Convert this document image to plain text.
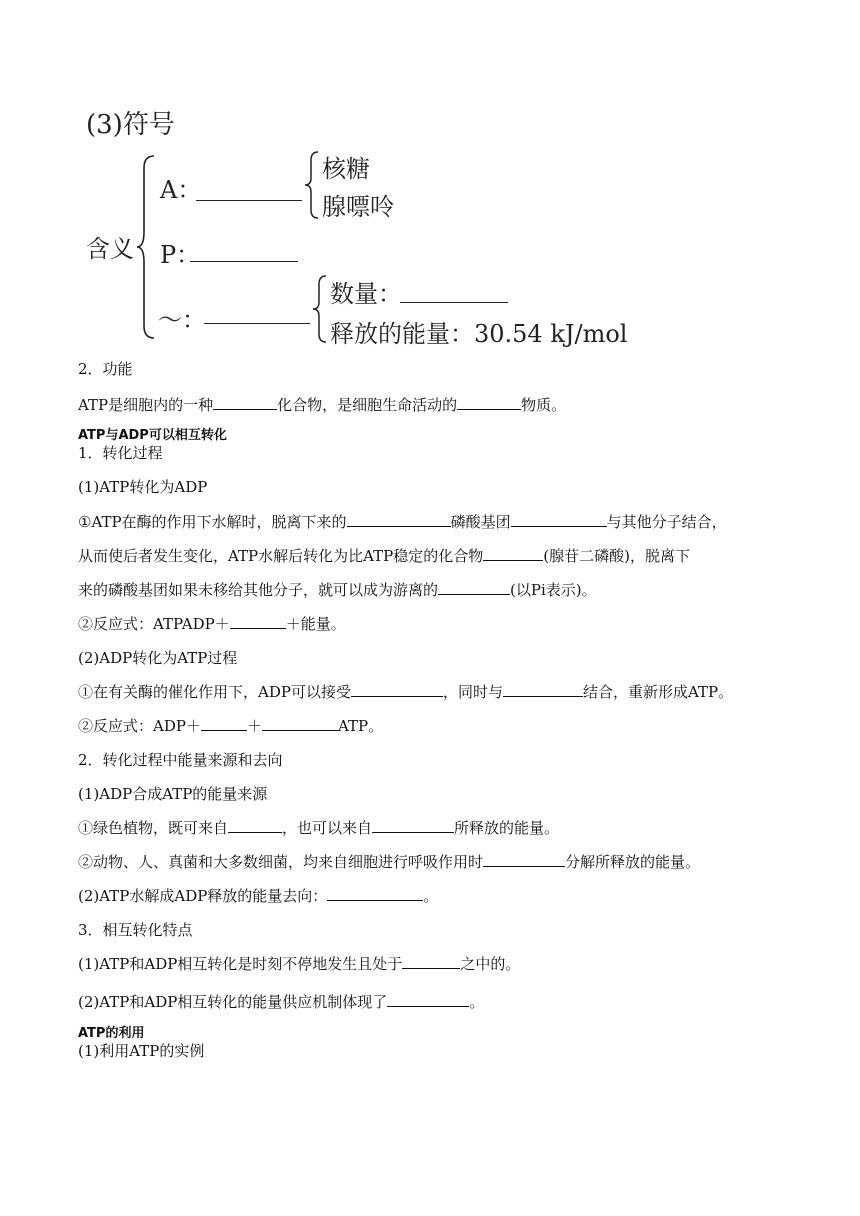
(3)符号
含义
A：
核糖
腺嘌呤
P：
～：
数量：
释放的能量：30.54 kJ/mol
2．功能
ATP是细胞内的一种	化合物，是细胞生命活动的	物质。
ATP与ADP可以相互转化
1．转化过程
(1)ATP转化为ADP
①ATP在酶的作用下水解时，脱离下来的	磷酸基团	与其他分子结合，
从而使后者发生变化，ATP水解后转化为比ATP稳定的化合物	(腺苷二磷酸)，脱离下
来的磷酸基团如果未移给其他分子，就可以成为游离的	(以Pi表示)。
②反应式：ATPADP＋	＋能量。
(2)ADP转化为ATP过程
①在有关酶的催化作用下，ADP可以接受	，同时与	结合，重新形成ATP。
②反应式：ADP＋	＋	ATP。
2．转化过程中能量来源和去向
(1)ADP合成ATP的能量来源
①绿色植物，既可来自	，也可以来自	所释放的能量。
②动物、人、真菌和大多数细菌，均来自细胞进行呼吸作用时	分解所释放的能量。
(2)ATP水解成ADP释放的能量去向：	。
3．相互转化特点
(1)ATP和ADP相互转化是时刻不停地发生且处于	之中的。
(2)ATP和ADP相互转化的能量供应机制体现了	。
ATP的利用
(1)利用ATP的实例
